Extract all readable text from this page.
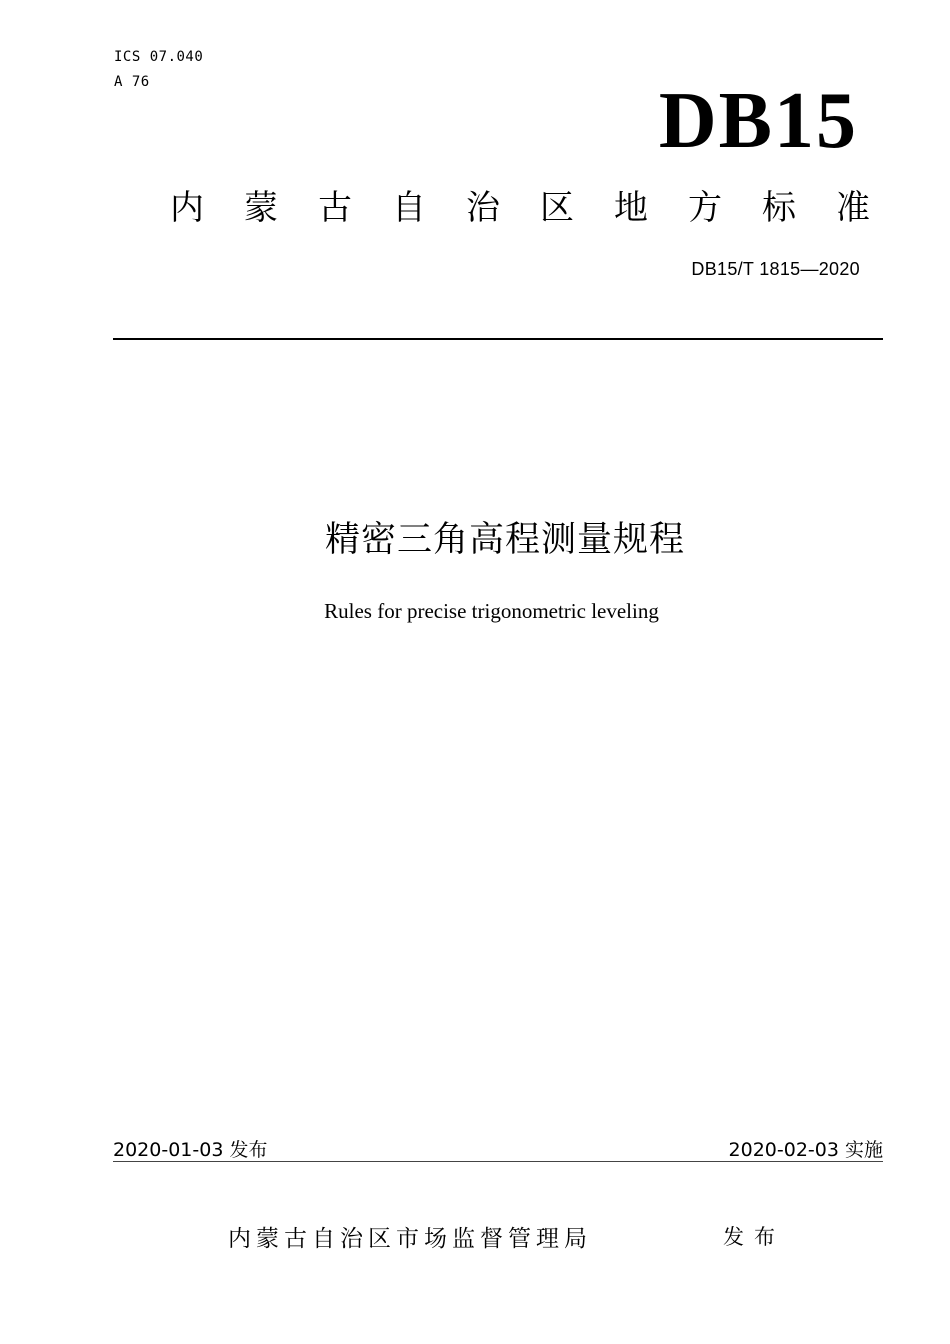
ICS 07.040
A 76	DB15
内 蒙 古 自 治 区 地 方 标 准
DB15/T 1815—2020
精密三角高程测量规程
Rules for precise trigonometric leveling
2020-01-03 发布	2020-02-03 实施
内蒙古自治区市场监督管理局	发布
